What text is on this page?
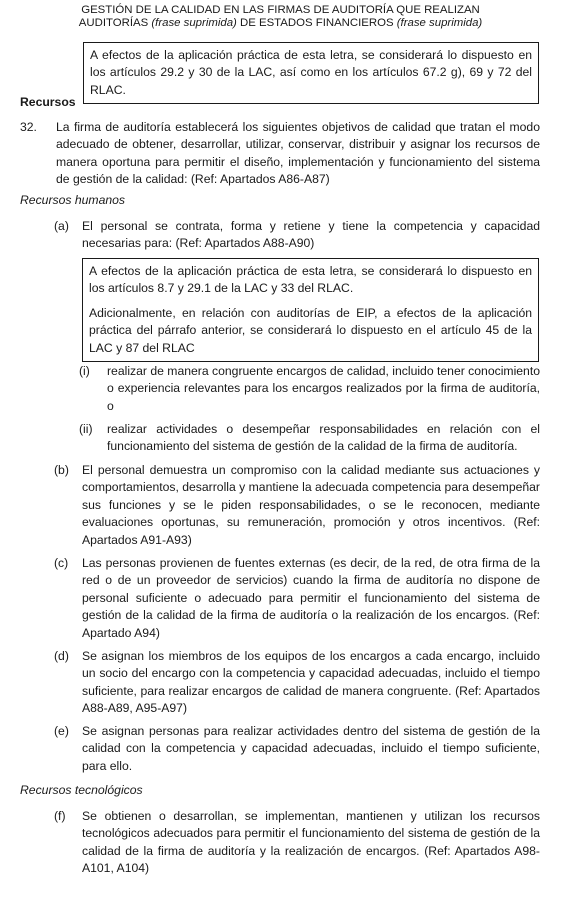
GESTIÓN DE LA CALIDAD EN LAS FIRMAS DE AUDITORÍA QUE REALIZAN
AUDITORÍAS (frase suprimida) DE ESTADOS FINANCIEROS (frase suprimida)

A efectos de la aplicación práctica de esta letra, se considerará lo dispuesto en los artículos 29.2 y 30 de la LAC, así como en los artículos 67.2 g), 69 y 72 del RLAC.

Recursos
32. La firma de auditoría establecerá los siguientes objetivos de calidad que tratan el modo adecuado de obtener, desarrollar, utilizar, conservar, distribuir y asignar los recursos de manera oportuna para permitir el diseño, implementación y funcionamiento del sistema de gestión de la calidad: (Ref: Apartados A86-A87)
Recursos humanos
(a) El personal se contrata, forma y retiene y tiene la competencia y capacidad necesarias para: (Ref: Apartados A88-A90)

A efectos de la aplicación práctica de esta letra, se considerará lo dispuesto en los artículos 8.7 y 29.1 de la LAC y 33 del RLAC.

Adicionalmente, en relación con auditorías de EIP, a efectos de la aplicación práctica del párrafo anterior, se considerará lo dispuesto en el artículo 45 de la LAC y 87 del RLAC

(i) realizar de manera congruente encargos de calidad, incluido tener conocimiento o experiencia relevantes para los encargos realizados por la firma de auditoría, o
(ii) realizar actividades o desempeñar responsabilidades en relación con el funcionamiento del sistema de gestión de la calidad de la firma de auditoría.
(b) El personal demuestra un compromiso con la calidad mediante sus actuaciones y comportamientos, desarrolla y mantiene la adecuada competencia para desempeñar sus funciones y se le piden responsabilidades, o se le reconocen, mediante evaluaciones oportunas, su remuneración, promoción y otros incentivos. (Ref: Apartados A91-A93)
(c) Las personas provienen de fuentes externas (es decir, de la red, de otra firma de la red o de un proveedor de servicios) cuando la firma de auditoría no dispone de personal suficiente o adecuado para permitir el funcionamiento del sistema de gestión de la calidad de la firma de auditoría o la realización de los encargos. (Ref: Apartado A94)
(d) Se asignan los miembros de los equipos de los encargos a cada encargo, incluido un socio del encargo con la competencia y capacidad adecuadas, incluido el tiempo suficiente, para realizar encargos de calidad de manera congruente. (Ref: Apartados A88-A89, A95-A97)
(e) Se asignan personas para realizar actividades dentro del sistema de gestión de la calidad con la competencia y capacidad adecuadas, incluido el tiempo suficiente, para ello.
Recursos tecnológicos
(f) Se obtienen o desarrollan, se implementan, mantienen y utilizan los recursos tecnológicos adecuados para permitir el funcionamiento del sistema de gestión de la calidad de la firma de auditoría y la realización de encargos. (Ref: Apartados A98-A101, A104)
